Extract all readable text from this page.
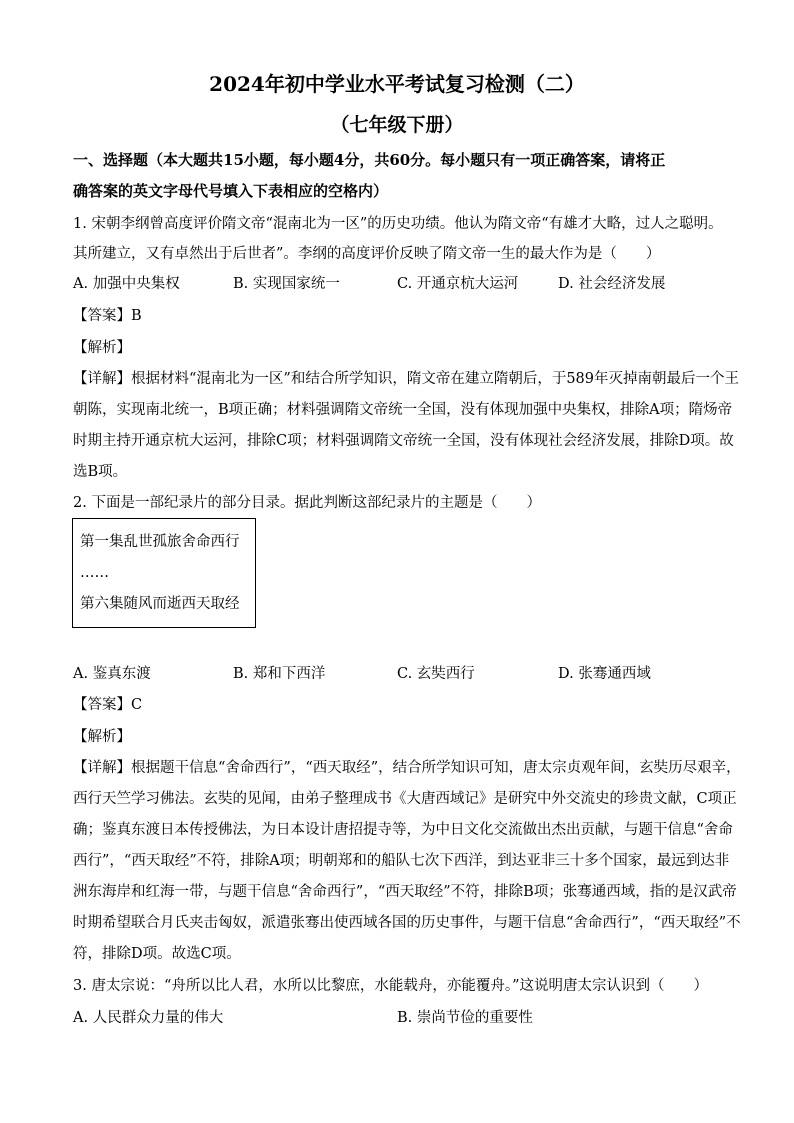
2024年初中学业水平考试复习检测（二）
（七年级下册）
一、选择题（本大题共15小题，每小题4分，共60分。每小题只有一项正确答案，请将正
确答案的英文字母代号填入下表相应的空格内）
1. 宋朝李纲曾高度评价隋文帝“混南北为一区”的历史功绩。他认为隋文帝“有雄才大略，过人之聪明。
其所建立，又有卓然出于后世者”。李纲的高度评价反映了隋文帝一生的最大作为是（　　）
A. 加强中央集权	B. 实现国家统一	C. 开通京杭大运河	D. 社会经济发展
【答案】B
【解析】
【详解】根据材料“混南北为一区”和结合所学知识，隋文帝在建立隋朝后，于589年灭掉南朝最后一个王
朝陈，实现南北统一，B项正确；材料强调隋文帝统一全国，没有体现加强中央集权，排除A项；隋炀帝
时期主持开通京杭大运河，排除C项；材料强调隋文帝统一全国，没有体现社会经济发展，排除D项。故
选B项。
2. 下面是一部纪录片的部分目录。据此判断这部纪录片的主题是（　　）
第一集乱世孤旅舍命西行
……
第六集随风而逝西天取经
A. 鉴真东渡	B. 郑和下西洋	C. 玄奘西行	D. 张骞通西域
【答案】C
【解析】
【详解】根据题干信息“舍命西行”，“西天取经”，结合所学知识可知，唐太宗贞观年间，玄奘历尽艰辛，
西行天竺学习佛法。玄奘的见闻，由弟子整理成书《大唐西域记》是研究中外交流史的珍贵文献，C项正
确；鉴真东渡日本传授佛法，为日本设计唐招提寺等，为中日文化交流做出杰出贡献，与题干信息“舍命
西行”，“西天取经”不符，排除A项；明朝郑和的船队七次下西洋，到达亚非三十多个国家，最远到达非
洲东海岸和红海一带，与题干信息“舍命西行”，“西天取经”不符，排除B项；张骞通西域，指的是汉武帝
时期希望联合月氏夹击匈奴，派遣张骞出使西域各国的历史事件，与题干信息“舍命西行”，“西天取经”不
符，排除D项。故选C项。
3. 唐太宗说：“舟所以比人君，水所以比黎庶，水能载舟，亦能覆舟。”这说明唐太宗认识到（　　）
A. 人民群众力量的伟大	B. 崇尚节俭的重要性
